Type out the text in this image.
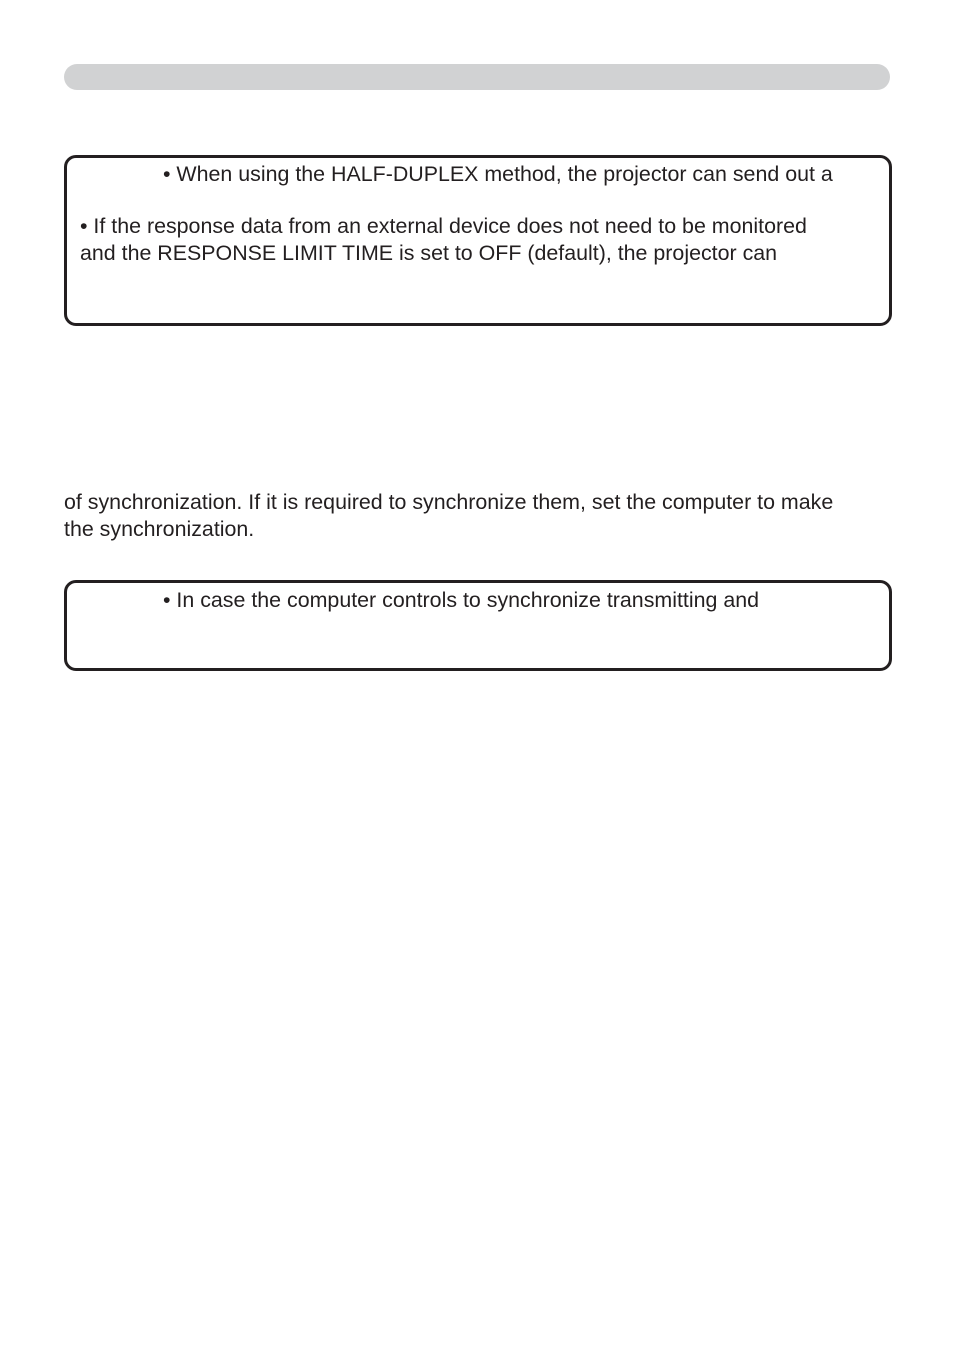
• When using the HALF-DUPLEX method, the projector can send out a

• If the response data from an external device does not need to be monitored

and the RESPONSE LIMIT TIME is set to OFF (default), the projector can

of synchronization. If it is required to synchronize them, set the computer to make

the synchronization.

• In case the computer controls to synchronize transmitting and
